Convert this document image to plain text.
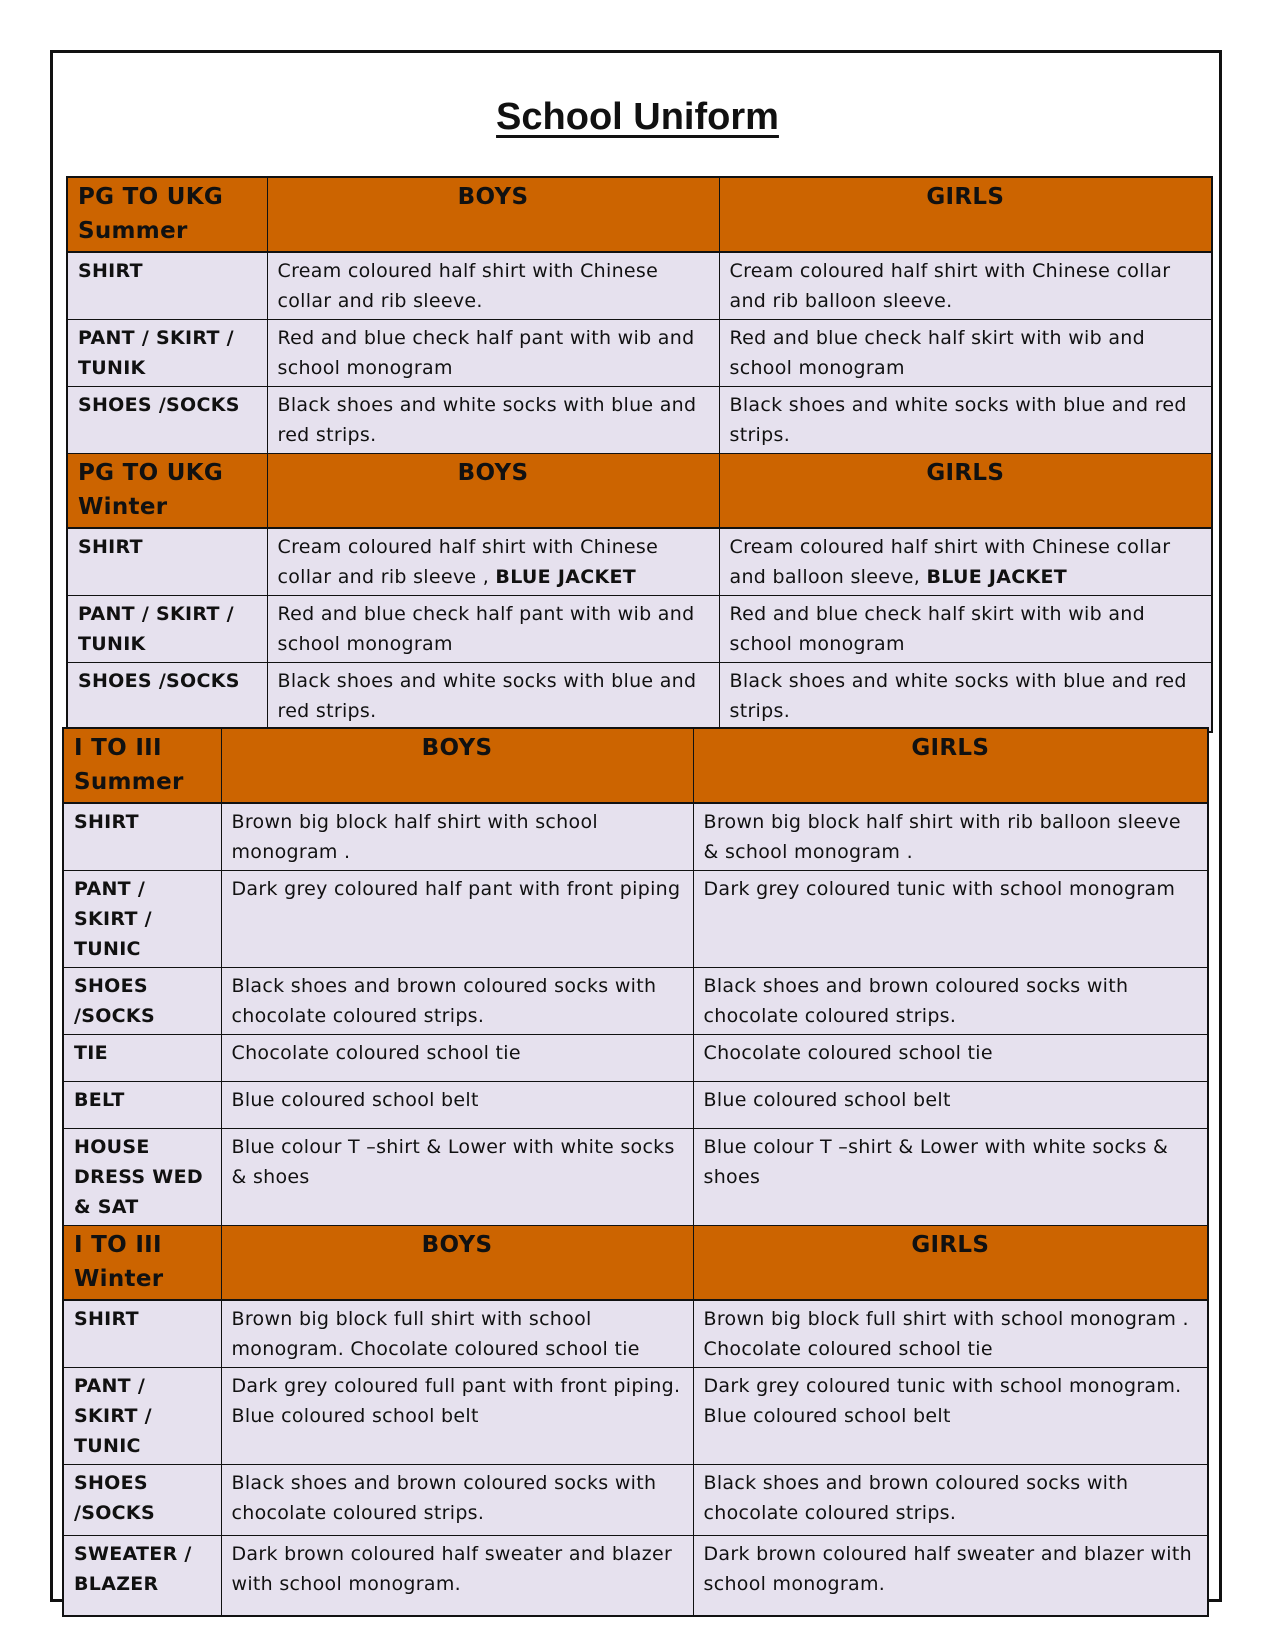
School Uniform
PG TO UKG
Summer	BOYS	GIRLS
SHIRT	Cream coloured half shirt with Chinese collar and rib sleeve.	Cream coloured half shirt with Chinese collar and rib balloon sleeve.
PANT / SKIRT / TUNIK	Red and blue check half pant with wib and school monogram	Red and blue check half skirt with wib and school monogram
SHOES /SOCKS	Black shoes and white socks with blue and red strips.	Black shoes and white socks with blue and red strips.

PG TO UKG
Winter	BOYS	GIRLS
SHIRT	Cream coloured half shirt with Chinese collar and rib sleeve , BLUE JACKET	Cream coloured half shirt with Chinese collar and balloon sleeve, BLUE JACKET
PANT / SKIRT / TUNIK	Red and blue check half pant with wib and school monogram	Red and blue check half skirt with wib and school monogram
SHOES /SOCKS	Black shoes and white socks with blue and red strips.	Black shoes and white socks with blue and red strips.
I TO III
Summer	BOYS	GIRLS
SHIRT	Brown big block half shirt with school monogram .	Brown big block half shirt with rib balloon sleeve & school monogram .
PANT / SKIRT / TUNIC	Dark grey coloured half pant with front piping	Dark grey coloured tunic with school monogram
SHOES /SOCKS	Black shoes and brown coloured socks with chocolate coloured strips.	Black shoes and brown coloured socks with chocolate coloured strips.
TIE	Chocolate coloured school tie	Chocolate coloured school tie
BELT	Blue coloured school belt	Blue coloured school belt
HOUSE DRESS WED & SAT	Blue colour T –shirt & Lower with white socks & shoes	Blue colour T –shirt & Lower with white socks & shoes

I TO III
Winter	BOYS	GIRLS
SHIRT	Brown big block full shirt with school monogram. Chocolate coloured school tie	Brown big block full shirt with school monogram . Chocolate coloured school tie
PANT / SKIRT / TUNIC	Dark grey coloured full pant with front piping. Blue coloured school belt	Dark grey coloured tunic with school monogram. Blue coloured school belt
SHOES /SOCKS	Black shoes and brown coloured socks with chocolate coloured strips.	Black shoes and brown coloured socks with chocolate coloured strips.
SWEATER / BLAZER	Dark brown coloured half sweater and blazer with school monogram.	Dark brown coloured half sweater and blazer with school monogram.
